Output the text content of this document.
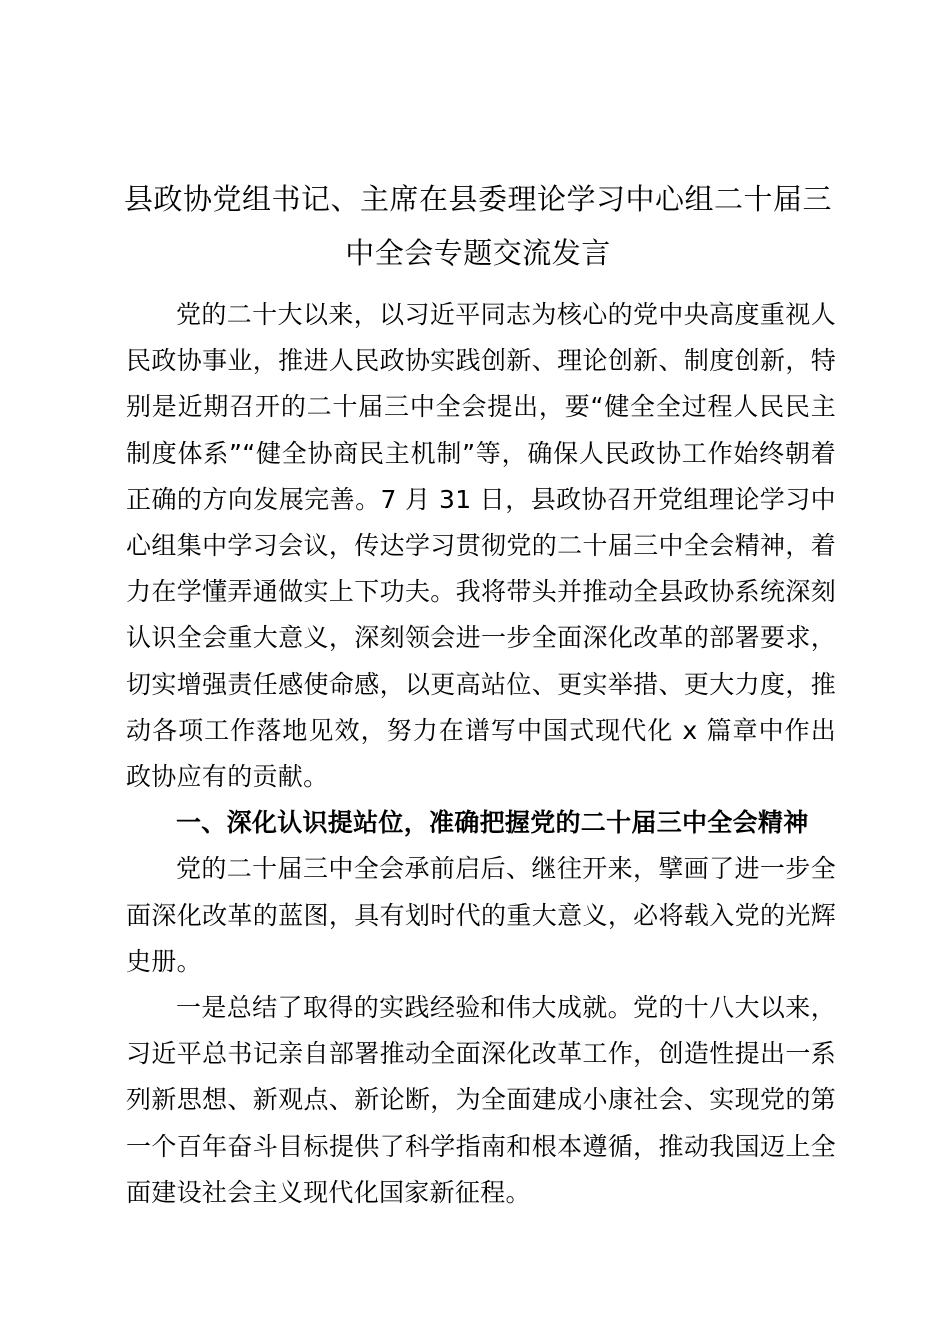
县政协党组书记、主席在县委理论学习中心组二十届三中全会专题交流发言

党的二十大以来，以习近平同志为核心的党中央高度重视人民政协事业，推进人民政协实践创新、理论创新、制度创新，特别是近期召开的二十届三中全会提出，要“健全全过程人民民主制度体系”“健全协商民主机制”等，确保人民政协工作始终朝着正确的方向发展完善。7 月 31 日，县政协召开党组理论学习中心组集中学习会议，传达学习贯彻党的二十届三中全会精神，着力在学懂弄通做实上下功夫。我将带头并推动全县政协系统深刻认识全会重大意义，深刻领会进一步全面深化改革的部署要求，切实增强责任感使命感，以更高站位、更实举措、更大力度，推动各项工作落地见效，努力在谱写中国式现代化 x 篇章中作出政协应有的贡献。

一、深化认识提站位，准确把握党的二十届三中全会精神

党的二十届三中全会承前启后、继往开来，擘画了进一步全面深化改革的蓝图，具有划时代的重大意义，必将载入党的光辉史册。

一是总结了取得的实践经验和伟大成就。党的十八大以来，习近平总书记亲自部署推动全面深化改革工作，创造性提出一系列新思想、新观点、新论断，为全面建成小康社会、实现党的第一个百年奋斗目标提供了科学指南和根本遵循，推动我国迈上全面建设社会主义现代化国家新征程。
